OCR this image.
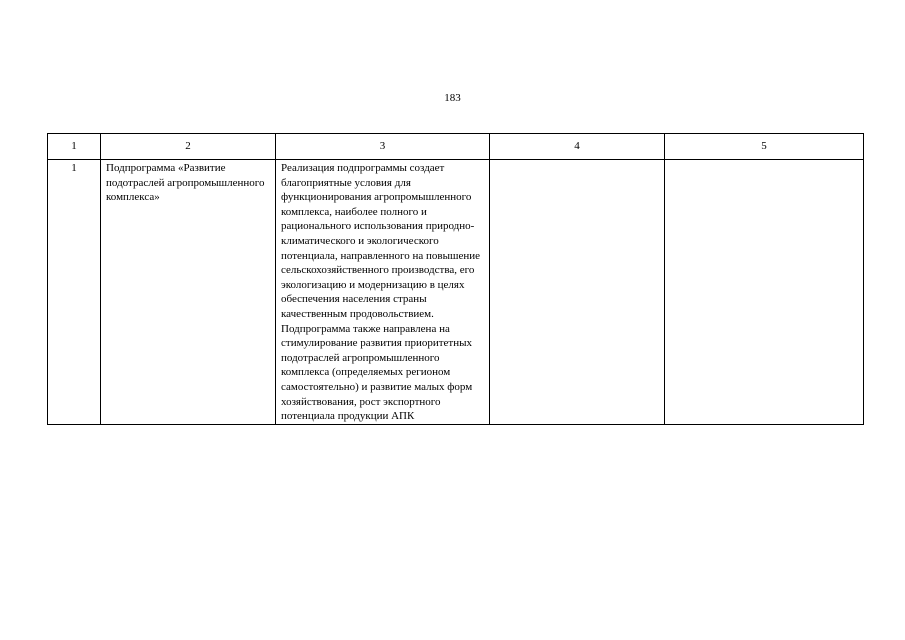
183
1	2	3	4	5
1	Подпрограмма «Развитие подотраслей агропромышленного комплекса»	Реализация подпрограммы создает благоприятные условия для функционирования агропромышленного комплекса, наиболее полного и рационального использования природно-климатического и экологического потенциала, направленного на повышение сельскохозяйственного производства, его экологизацию и модернизацию в целях обеспечения населения страны качественным продовольствием. Подпрограмма также направлена на стимулирование развития приоритетных подотраслей агропромышленного комплекса (определяемых регионом самостоятельно) и развитие малых форм хозяйствования, рост экспортного потенциала продукции АПК		
